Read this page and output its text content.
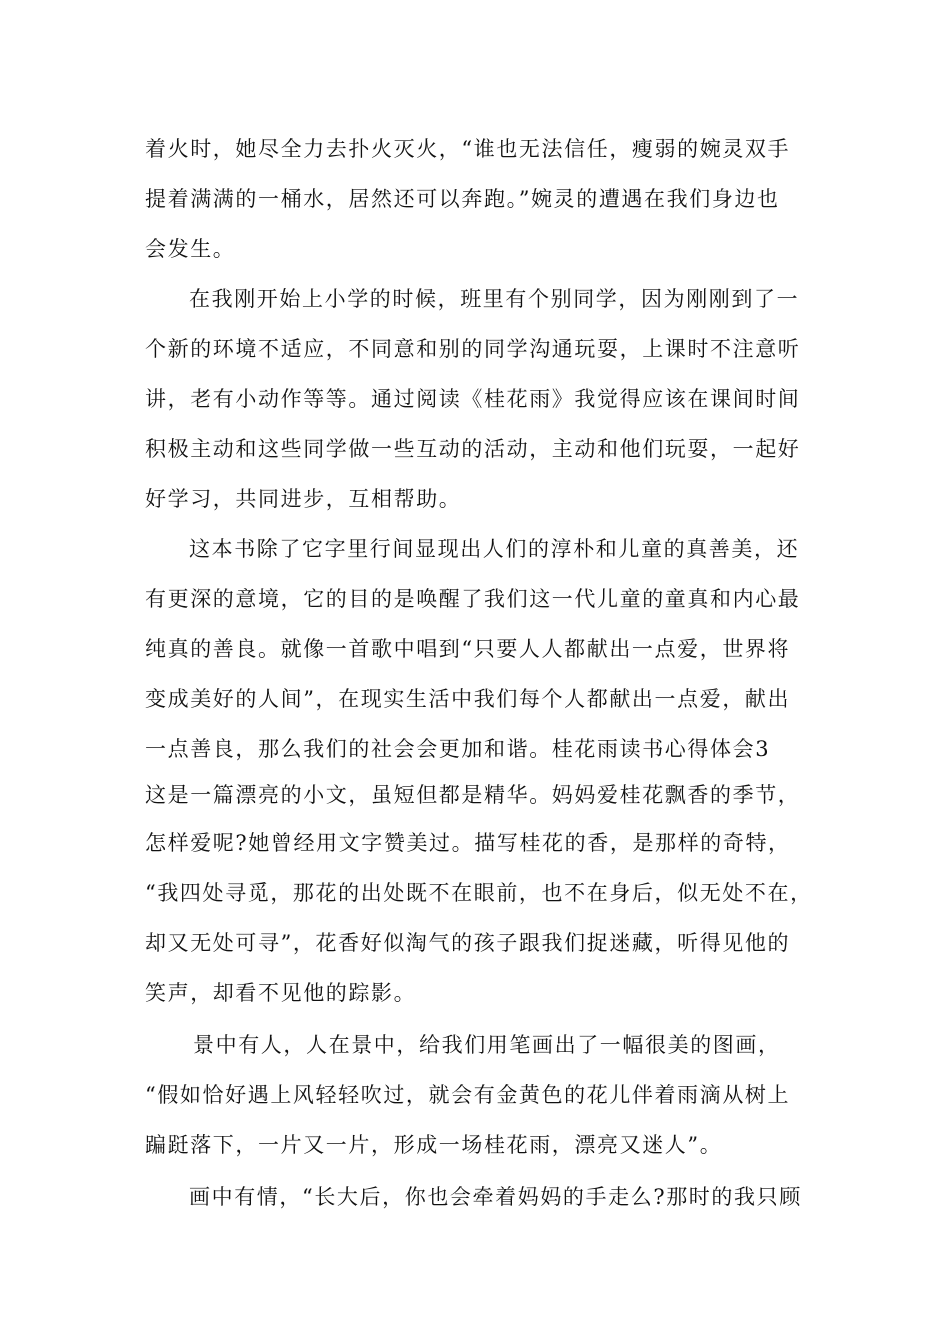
着火时，她尽全力去扑火灭火，“谁也无法信任，瘦弱的婉灵双手

提着满满的一桶水，居然还可以奔跑。”婉灵的遭遇在我们身边也

会发生。

在我刚开始上小学的时候，班里有个别同学，因为刚刚到了一

个新的环境不适应，不同意和别的同学沟通玩耍，上课时不注意听

讲，老有小动作等等。通过阅读《桂花雨》我觉得应该在课间时间

积极主动和这些同学做一些互动的活动，主动和他们玩耍，一起好

好学习，共同进步，互相帮助。

这本书除了它字里行间显现出人们的淳朴和儿童的真善美，还

有更深的意境，它的目的是唤醒了我们这一代儿童的童真和内心最

纯真的善良。就像一首歌中唱到“只要人人都献出一点爱，世界将

变成美好的人间”，在现实生活中我们每个人都献出一点爱，献出

一点善良，那么我们的社会会更加和谐。桂花雨读书心得体会3

这是一篇漂亮的小文，虽短但都是精华。妈妈爱桂花飘香的季节，

怎样爱呢?她曾经用文字赞美过。描写桂花的香，是那样的奇特，

“我四处寻觅，那花的出处既不在眼前，也不在身后，似无处不在，

却又无处可寻”，花香好似淘气的孩子跟我们捉迷藏，听得见他的

笑声，却看不见他的踪影。

景中有人，人在景中，给我们用笔画出了一幅很美的图画，

“假如恰好遇上风轻轻吹过，就会有金黄色的花儿伴着雨滴从树上

蹁跹落下，一片又一片，形成一场桂花雨，漂亮又迷人”。

画中有情，“长大后，你也会牵着妈妈的手走么?那时的我只顾
